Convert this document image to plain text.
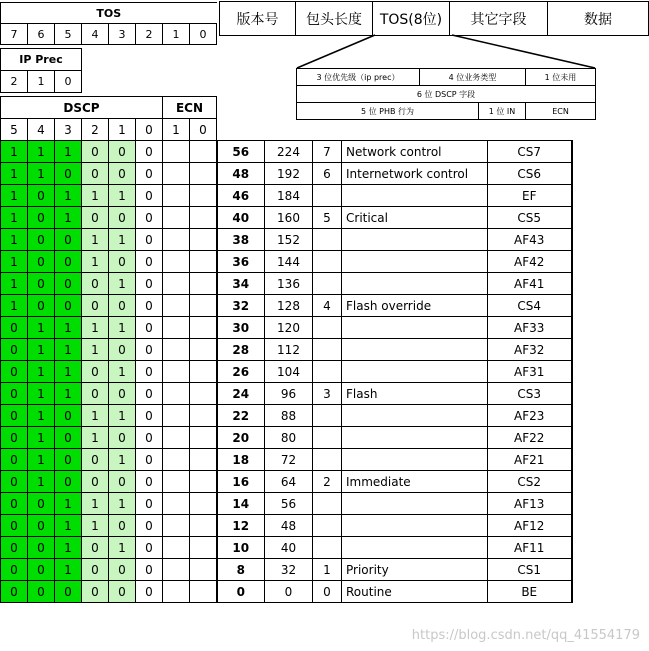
TOS
7	6	5	4	3	2	1	0
IP Prec
2	1	0
版本号	包头长度	TOS(8位)	其它字段	数据
3 位优先级（ip prec）	4 位业务类型		1 位未用
6 位 DSCP 字段			
5 位 PHB 行为		1 位 IN	ECN
DSCP						ECN						
5	4	3	2	1	0	1	0					
1	1	1	0	0	0			56	224	7	Network control	CS7
1	1	0	0	0	0			48	192	6	Internetwork control	CS6
1	0	1	1	1	0			46	184			EF
1	0	1	0	0	0			40	160	5	Critical	CS5
1	0	0	1	1	0			38	152			AF43
1	0	0	1	0	0			36	144			AF42
1	0	0	0	1	0			34	136			AF41
1	0	0	0	0	0			32	128	4	Flash override	CS4
0	1	1	1	1	0			30	120			AF33
0	1	1	1	0	0			28	112			AF32
0	1	1	0	1	0			26	104			AF31
0	1	1	0	0	0			24	96	3	Flash	CS3
0	1	0	1	1	0			22	88			AF23
0	1	0	1	0	0			20	80			AF22
0	1	0	0	1	0			18	72			AF21
0	1	0	0	0	0			16	64	2	Immediate	CS2
0	0	1	1	1	0			14	56			AF13
0	0	1	1	0	0			12	48			AF12
0	0	1	0	1	0			10	40			AF11
0	0	1	0	0	0			8	32	1	Priority	CS1
0	0	0	0	0	0			0	0	0	Routine	BE
https://blog.csdn.net/qq_41554179
